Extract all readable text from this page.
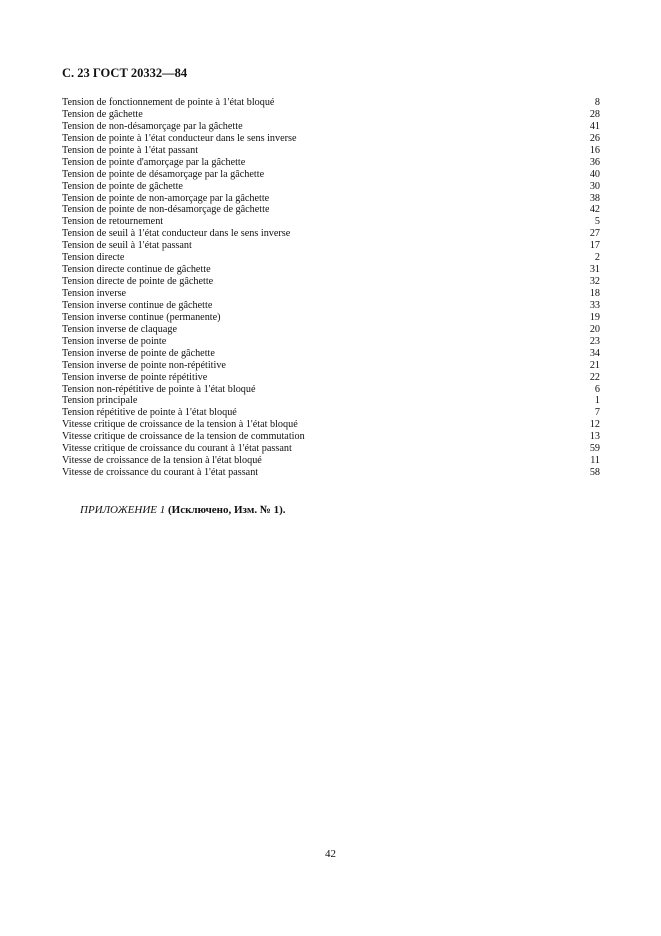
С. 23 ГОСТ 20332—84
Tension de fonctionnement de pointe à 1'état bloqué	8
Tension de gâchette	28
Tension de non-désamorçage par la gâchette	41
Tension de pointe à 1'état conducteur dans le sens inverse	26
Tension de pointe à 1'état passant	16
Tension de pointe d'amorçage par la gâchette	36
Tension de pointe de désamorçage par la gâchette	40
Tension de pointe de gâchette	30
Tension de pointe de non-amorçage par la gâchette	38
Tension de pointe de non-désamorçage de gâchette	42
Tension de retournement	5
Tension de seuil à 1'état conducteur dans le sens inverse	27
Tension de seuil à 1'état passant	17
Tension directe	2
Tension directe continue de gâchette	31
Tension directe de pointe de gâchette	32
Tension inverse	18
Tension inverse continue de gâchette	33
Tension inverse continue (permanente)	19
Tension inverse de claquage	20
Tension inverse de pointe	23
Tension inverse de pointe de gâchette	34
Tension inverse de pointe non-répétitive	21
Tension inverse de pointe répétitive	22
Tension non-répétitive de pointe à 1'état bloqué	6
Tension principale	1
Tension répétitive de pointe à 1'état bloqué	7
Vitesse critique de croissance de la tension à 1'état bloqué	12
Vitesse critique de croissance de la tension de commutation	13
Vitesse critique de croissance du courant à 1'état passant	59
Vitesse de croissance de la tension à l'état bloqué	11
Vitesse de croissance du courant à 1'état passant	58
ПРИЛОЖЕНИЕ 1 (Исключено, Изм. № 1).
42
